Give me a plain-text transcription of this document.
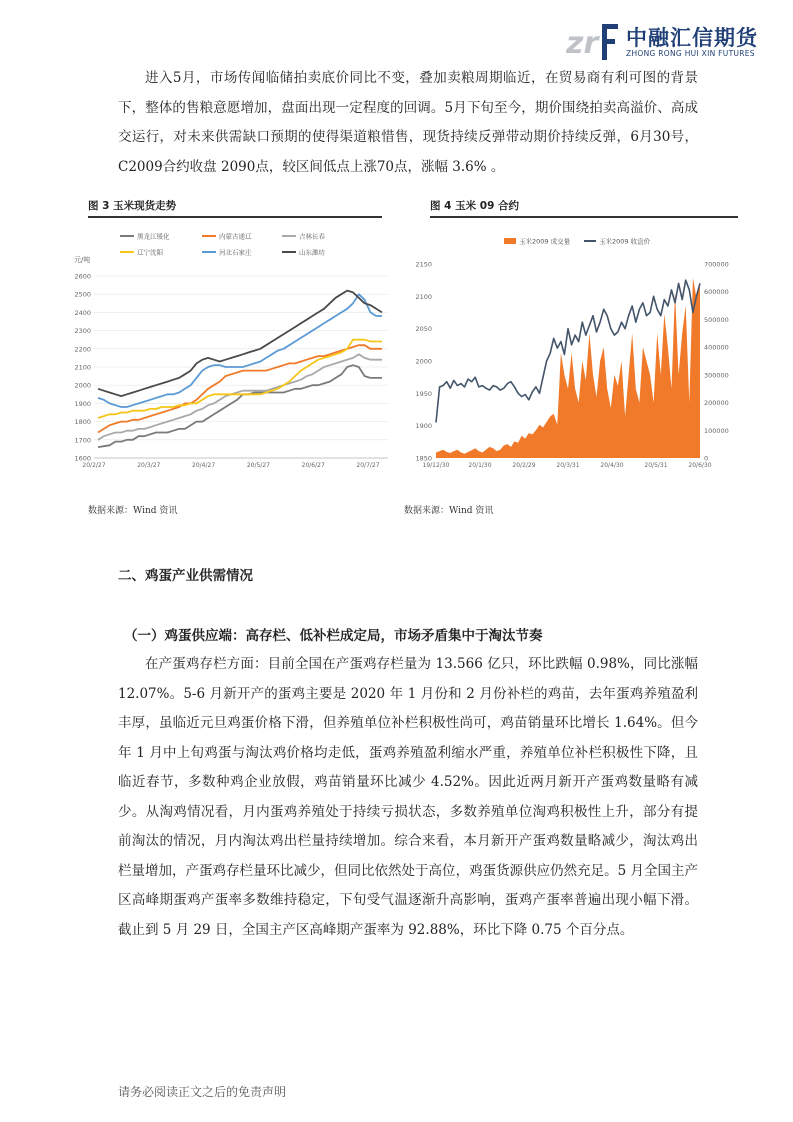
zr 中融汇信期货
ZHONG RONG HUI XIN FUTURES

进入5月，市场传闻临储拍卖底价同比不变，叠加卖粮周期临近，在贸易商有利可图的背景下，整体的售粮意愿增加，盘面出现一定程度的回调。5月下旬至今，期价围绕拍卖高溢价、高成交运行，对未来供需缺口预期的使得渠道粮惜售，现货持续反弹带动期价持续反弹，6月30号，C2009合约收盘 2090点，较区间低点上涨70点，涨幅 3.6% 。

图 3 玉米现货走势
黑龙江缓化	内蒙古通辽	吉林长春
辽宁沈阳	河北石家庄	山东潍坊
元/吨
2600
2500
2400
2300
2200
2100
2000
1900
1800
1700
1600
20/2/27	20/3/27	20/4/27	20/5/27	20/6/27	20/7/27
数据来源：Wind 资讯
图 4 玉米 09 合约
玉米2009 成交量	玉米2009 收盘价
2150
2100
2050
2000
1950
1900
1850
700000
600000
500000
400000
300000
200000
100000
0
19/12/30	20/1/30	20/2/29	20/3/31	20/4/30	20/5/31	20/6/30
数据来源：Wind 资讯
二、鸡蛋产业供需情况
（一）鸡蛋供应端：高存栏、低补栏成定局，市场矛盾集中于淘汰节奏

在产蛋鸡存栏方面：目前全国在产蛋鸡存栏量为 13.566 亿只，环比跌幅 0.98%，同比涨幅 12.07%。5-6 月新开产的蛋鸡主要是 2020 年 1 月份和 2 月份补栏的鸡苗，去年蛋鸡养殖盈利丰厚，虽临近元旦鸡蛋价格下滑，但养殖单位补栏积极性尚可，鸡苗销量环比增长 1.64%。但今年 1 月中上旬鸡蛋与淘汰鸡价格均走低，蛋鸡养殖盈利缩水严重，养殖单位补栏积极性下降，且临近春节，多数种鸡企业放假，鸡苗销量环比减少 4.52%。因此近两月新开产蛋鸡数量略有减少。从淘鸡情况看，月内蛋鸡养殖处于持续亏损状态，多数养殖单位淘鸡积极性上升，部分有提前淘汰的情况，月内淘汰鸡出栏量持续增加。综合来看，本月新开产蛋鸡数量略减少，淘汰鸡出栏量增加，产蛋鸡存栏量环比减少，但同比依然处于高位，鸡蛋货源供应仍然充足。5 月全国主产区高峰期蛋鸡产蛋率多数维持稳定，下旬受气温逐渐升高影响，蛋鸡产蛋率普遍出现小幅下滑。截止到 5 月 29 日，全国主产区高峰期产蛋率为 92.88%，环比下降 0.75 个百分点。

请务必阅读正文之后的免责声明
